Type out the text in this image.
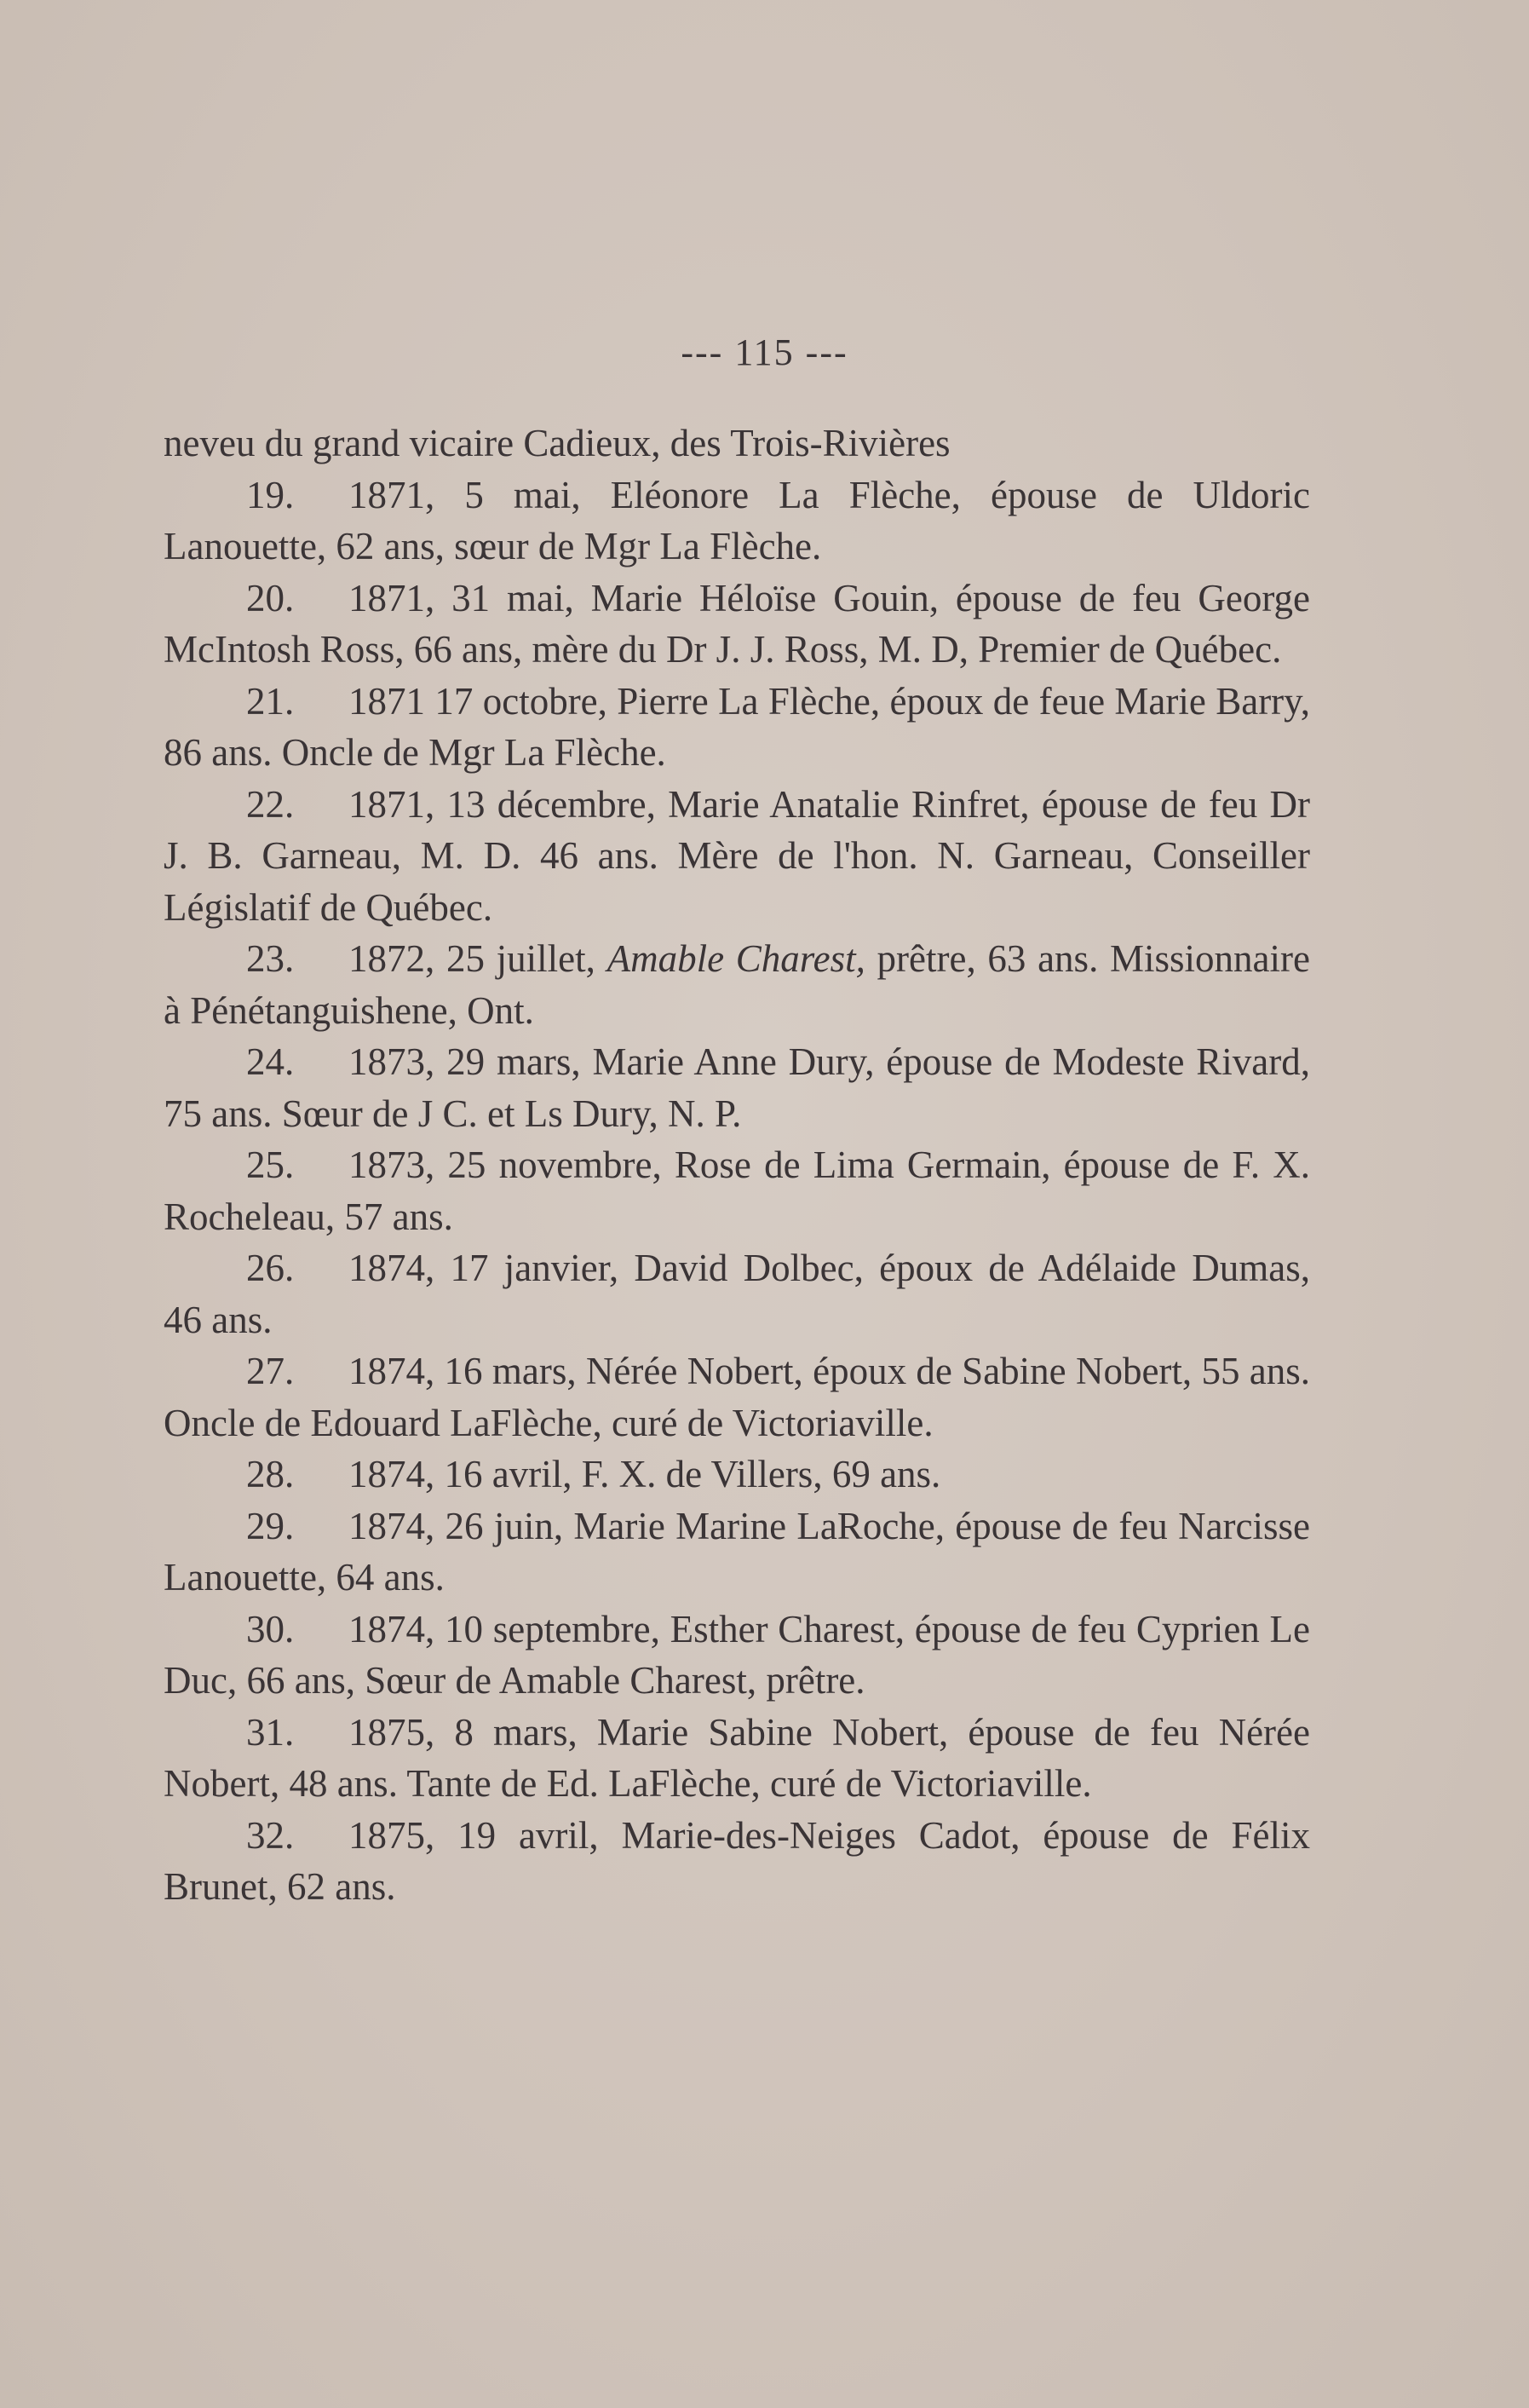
--- 115 ---

neveu du grand vicaire Cadieux, des Trois-Rivières

19. 1871, 5 mai, Eléonore La Flèche, épouse de Uldoric Lanouette, 62 ans, sœur de Mgr La Flèche.

20. 1871, 31 mai, Marie Héloïse Gouin, épouse de feu George McIntosh Ross, 66 ans, mère du Dr J. J. Ross, M. D, Premier de Québec.

21. 1871 17 octobre, Pierre La Flèche, époux de feue Marie Barry, 86 ans. Oncle de Mgr La Flèche.

22. 1871, 13 décembre, Marie Anatalie Rinfret, épouse de feu Dr J. B. Garneau, M. D. 46 ans. Mère de l'hon. N. Garneau, Conseiller Législatif de Québec.

23. 1872, 25 juillet, Amable Charest, prêtre, 63 ans. Missionnaire à Pénétanguishene, Ont.

24. 1873, 29 mars, Marie Anne Dury, épouse de Modeste Rivard, 75 ans. Sœur de J C. et Ls Dury, N. P.

25. 1873, 25 novembre, Rose de Lima Germain, épouse de F. X. Rocheleau, 57 ans.

26. 1874, 17 janvier, David Dolbec, époux de Adélaide Dumas, 46 ans.

27. 1874, 16 mars, Nérée Nobert, époux de Sabine Nobert, 55 ans. Oncle de Edouard LaFlèche, curé de Victoriaville.

28. 1874, 16 avril, F. X. de Villers, 69 ans.

29. 1874, 26 juin, Marie Marine LaRoche, épouse de feu Narcisse Lanouette, 64 ans.

30. 1874, 10 septembre, Esther Charest, épouse de feu Cyprien Le Duc, 66 ans, Sœur de Amable Charest, prêtre.

31. 1875, 8 mars, Marie Sabine Nobert, épouse de feu Nérée Nobert, 48 ans. Tante de Ed. LaFlèche, curé de Victoriaville.

32. 1875, 19 avril, Marie-des-Neiges Cadot, épouse de Félix Brunet, 62 ans.
